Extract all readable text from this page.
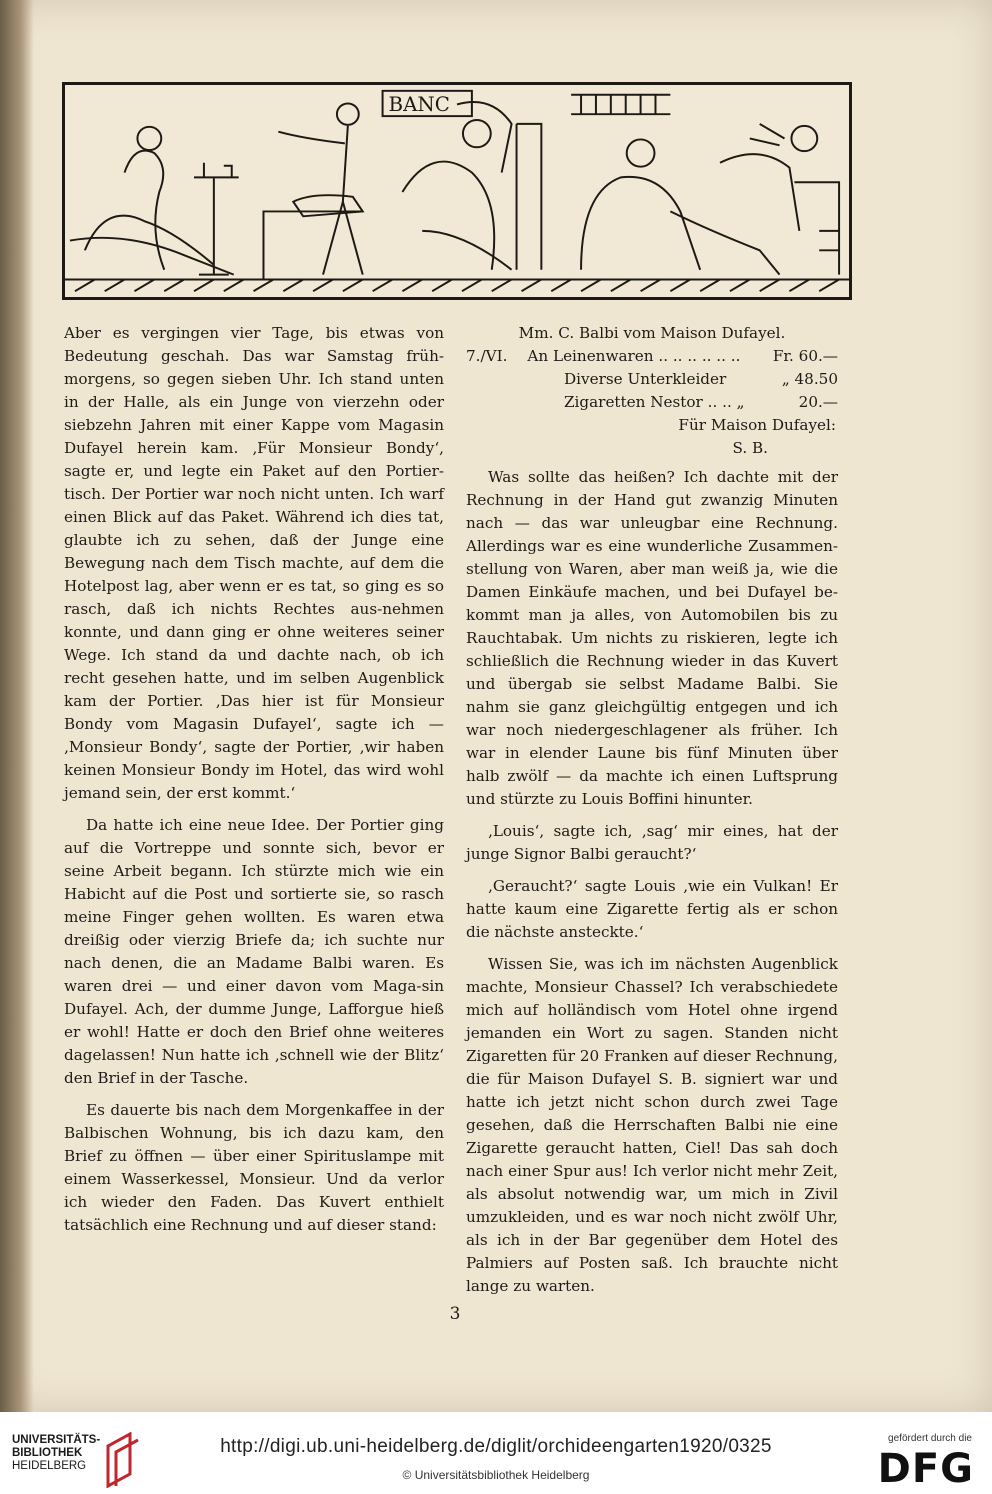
BANC

Aber es vergingen vier Tage, bis etwas von Bedeutung geschah. Das war Samstag früh-morgens, so gegen sieben Uhr. Ich stand unten in der Halle, als ein Junge von vierzehn oder siebzehn Jahren mit einer Kappe vom Magasin Dufayel herein kam. ‚Für Monsieur Bondy‘, sagte er, und legte ein Paket auf den Portier-tisch. Der Portier war noch nicht unten. Ich warf einen Blick auf das Paket. Während ich dies tat, glaubte ich zu sehen, daß der Junge eine Bewegung nach dem Tisch machte, auf dem die Hotelpost lag, aber wenn er es tat, so ging es so rasch, daß ich nichts Rechtes aus-nehmen konnte, und dann ging er ohne weiteres seiner Wege. Ich stand da und dachte nach, ob ich recht gesehen hatte, und im selben Augenblick kam der Portier. ‚Das hier ist für Monsieur Bondy vom Magasin Dufayel‘, sagte ich — ‚Monsieur Bondy‘, sagte der Portier, ‚wir haben keinen Monsieur Bondy im Hotel, das wird wohl jemand sein, der erst kommt.‘

Da hatte ich eine neue Idee. Der Portier ging auf die Vortreppe und sonnte sich, bevor er seine Arbeit begann. Ich stürzte mich wie ein Habicht auf die Post und sortierte sie, so rasch meine Finger gehen wollten. Es waren etwa dreißig oder vierzig Briefe da; ich suchte nur nach denen, die an Madame Balbi waren. Es waren drei — und einer davon vom Maga-sin Dufayel. Ach, der dumme Junge, Lafforgue hieß er wohl! Hatte er doch den Brief ohne weiteres dagelassen! Nun hatte ich ‚schnell wie der Blitz‘ den Brief in der Tasche.

Es dauerte bis nach dem Morgenkaffee in der Balbischen Wohnung, bis ich dazu kam, den Brief zu öffnen — über einer Spirituslampe mit einem Wasserkessel, Monsieur. Und da verlor ich wieder den Faden. Das Kuvert enthielt tatsächlich eine Rechnung und auf dieser stand:

Mm. C. Balbi vom Maison Dufayel.
7./VI. An Leinenwaren .. .. .. .. .. .. Fr. 60.—
Diverse Unterkleider	„ 48.50
Zigaretten Nestor .. .. „	20.—
Für Maison Dufayel:
S. B.

Was sollte das heißen? Ich dachte mit der Rechnung in der Hand gut zwanzig Minuten nach — das war unleugbar eine Rechnung. Allerdings war es eine wunderliche Zusammen-stellung von Waren, aber man weiß ja, wie die Damen Einkäufe machen, und bei Dufayel be-kommt man ja alles, von Automobilen bis zu Rauchtabak. Um nichts zu riskieren, legte ich schließlich die Rechnung wieder in das Kuvert und übergab sie selbst Madame Balbi. Sie nahm sie ganz gleichgültig entgegen und ich war noch niedergeschlagener als früher. Ich war in elender Laune bis fünf Minuten über halb zwölf — da machte ich einen Luftsprung und stürzte zu Louis Boffini hinunter.

‚Louis‘, sagte ich, ‚sag‘ mir eines, hat der junge Signor Balbi geraucht?‘

‚Geraucht?‘ sagte Louis ‚wie ein Vulkan! Er hatte kaum eine Zigarette fertig als er schon die nächste ansteckte.‘

Wissen Sie, was ich im nächsten Augenblick machte, Monsieur Chassel? Ich verabschiedete mich auf holländisch vom Hotel ohne irgend jemanden ein Wort zu sagen. Standen nicht Zigaretten für 20 Franken auf dieser Rechnung, die für Maison Dufayel S. B. signiert war und hatte ich jetzt nicht schon durch zwei Tage gesehen, daß die Herrschaften Balbi nie eine Zigarette geraucht hatten, Ciel! Das sah doch nach einer Spur aus! Ich verlor nicht mehr Zeit, als absolut notwendig war, um mich in Zivil umzukleiden, und es war noch nicht zwölf Uhr, als ich in der Bar gegenüber dem Hotel des Palmiers auf Posten saß. Ich brauchte nicht lange zu warten.

3
UNIVERSITÄTS-
BIBLIOTHEK
HEIDELBERG
http://digi.ub.uni-heidelberg.de/diglit/orchideengarten1920/0325
© Universitätsbibliothek Heidelberg
gefördert durch die
DFG
